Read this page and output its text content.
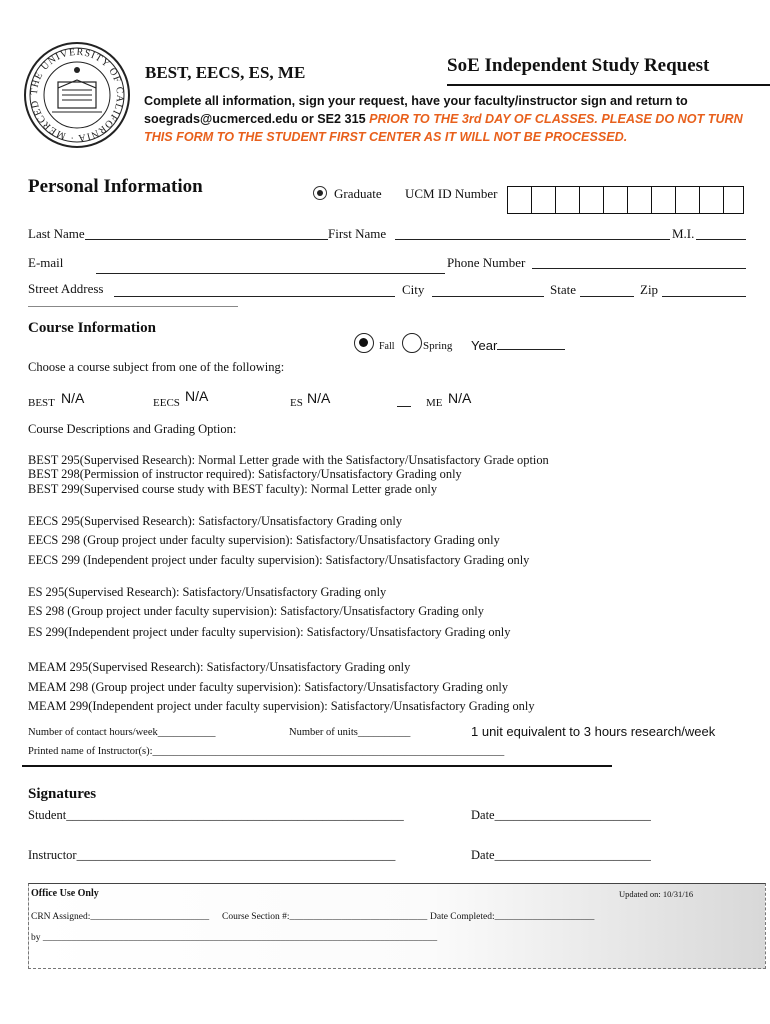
THE UNIVERSITY OF CALIFORNIA · MERCED
BEST, EECS, ES, ME	SoE Independent Study Request
Complete all information, sign your request, have your faculty/instructor sign and return to
soegrads@ucmerced.edu or SE2 315 PRIOR TO THE 3rd DAY OF CLASSES. PLEASE DO NOT TURN
THIS FORM TO THE STUDENT FIRST CENTER AS IT WILL NOT BE PROCESSED.
Personal Information	Graduate UCM ID Number
Last Name	First Name	M.I.
E-mail	Phone Number
Street Address	City	State	Zip
Course Information
Fall	Spring Year
Choose a course subject from one of the following:
BEST N/A	EECS N/A	ES N/A	ME N/A
Course Descriptions and Grading Option:
BEST 295(Supervised Research): Normal Letter grade with the Satisfactory/Unsatisfactory Grade option
BEST 298(Permission of instructor required): Satisfactory/Unsatisfactory Grading only
BEST 299(Supervised course study with BEST faculty): Normal Letter grade only
EECS 295(Supervised Research): Satisfactory/Unsatisfactory Grading only
EECS 298 (Group project under faculty supervision): Satisfactory/Unsatisfactory Grading only
EECS 299 (Independent project under faculty supervision): Satisfactory/Unsatisfactory Grading only
ES 295(Supervised Research): Satisfactory/Unsatisfactory Grading only
ES 298 (Group project under faculty supervision): Satisfactory/Unsatisfactory Grading only
ES 299(Independent project under faculty supervision): Satisfactory/Unsatisfactory Grading only
MEAM 295(Supervised Research): Satisfactory/Unsatisfactory Grading only
MEAM 298 (Group project under faculty supervision): Satisfactory/Unsatisfactory Grading only
MEAM 299(Independent project under faculty supervision): Satisfactory/Unsatisfactory Grading only
Number of contact hours/week___________	Number of units__________	1 unit equivalent to 3 hours research/week
Printed name of Instructor(s):___________________________________________________________________
Signatures
Student______________________________________________________	Date_________________________
Instructor___________________________________________________	Date_________________________
Office Use Only	Updated on: 10/31/16
CRN Assigned:_________________________ Course Section #:_____________________________ Date Completed:_____________________
by ___________________________________________________________________________________
